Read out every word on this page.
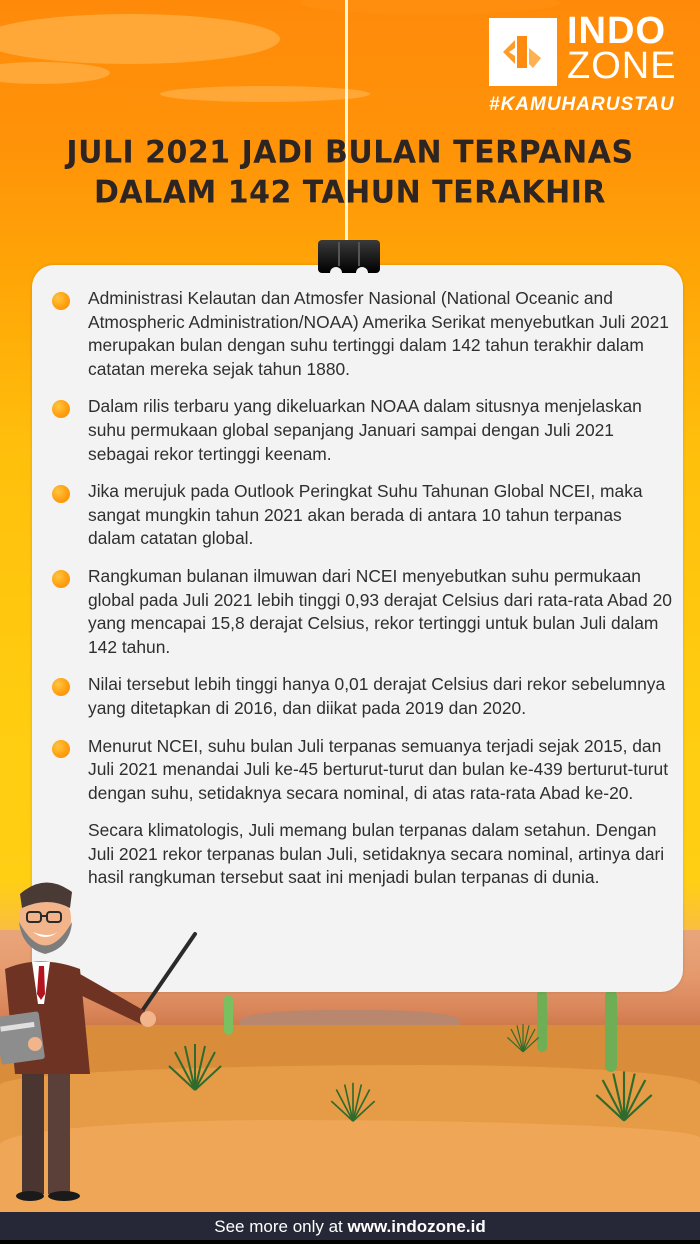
INDO
ZONE
#KAMUHARUSTAU
JULI 2021 JADI BULAN TERPANAS
DALAM 142 TAHUN TERAKHIR
Administrasi Kelautan dan Atmosfer Nasional (National Oceanic and Atmospheric Administration/NOAA) Amerika Serikat menyebutkan Juli 2021 merupakan bulan dengan suhu tertinggi dalam 142 tahun terakhir dalam catatan mereka sejak tahun 1880.
Dalam rilis terbaru yang dikeluarkan NOAA dalam situsnya menjelaskan suhu permukaan global sepanjang Januari sampai dengan Juli 2021 sebagai rekor tertinggi keenam.
Jika merujuk pada Outlook Peringkat Suhu Tahunan Global NCEI, maka sangat mungkin tahun 2021 akan berada di antara 10 tahun terpanas dalam catatan global.
Rangkuman bulanan ilmuwan dari NCEI menyebutkan suhu permukaan global pada Juli 2021 lebih tinggi 0,93 derajat Celsius dari rata-rata Abad 20 yang mencapai 15,8 derajat Celsius, rekor tertinggi untuk bulan Juli dalam 142 tahun.
Nilai tersebut lebih tinggi hanya 0,01 derajat Celsius dari rekor sebelumnya yang ditetapkan di 2016, dan diikat pada 2019 dan 2020.
Menurut NCEI, suhu bulan Juli terpanas semuanya terjadi sejak 2015, dan Juli 2021 menandai Juli ke-45 berturut-turut dan bulan ke-439 berturut-turut dengan suhu, setidaknya secara nominal, di atas rata-rata Abad ke-20.
Secara klimatologis, Juli memang bulan terpanas dalam setahun. Dengan Juli 2021 rekor terpanas bulan Juli, setidaknya secara nominal, artinya dari hasil rangkuman tersebut saat ini menjadi bulan terpanas di dunia.
See more only at www.indozone.id
